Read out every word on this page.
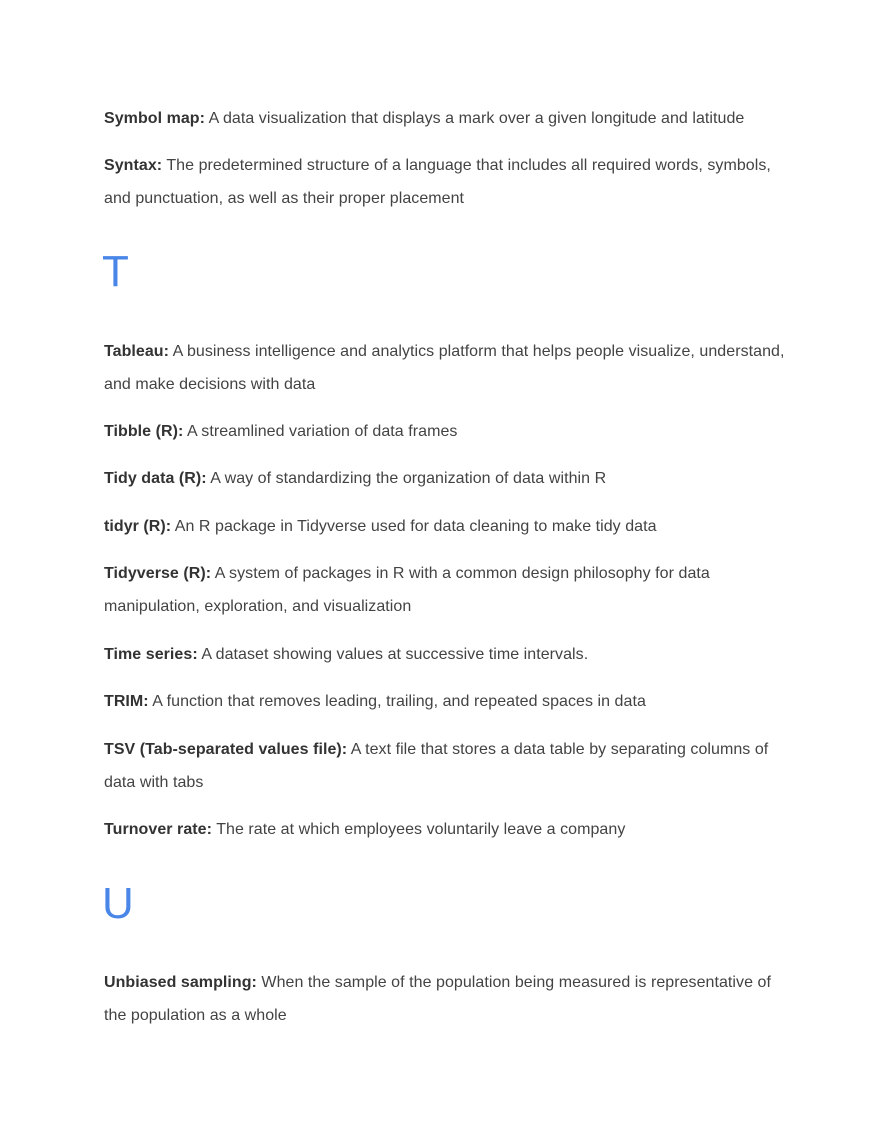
Symbol map: A data visualization that displays a mark over a given longitude and latitude

Syntax: The predetermined structure of a language that includes all required words, symbols, and punctuation, as well as their proper placement

T

Tableau: A business intelligence and analytics platform that helps people visualize, understand, and make decisions with data

Tibble (R): A streamlined variation of data frames

Tidy data (R): A way of standardizing the organization of data within R

tidyr (R): An R package in Tidyverse used for data cleaning to make tidy data

Tidyverse (R): A system of packages in R with a common design philosophy for data manipulation, exploration, and visualization

Time series: A dataset showing values at successive time intervals.

TRIM: A function that removes leading, trailing, and repeated spaces in data

TSV (Tab-separated values file): A text file that stores a data table by separating columns of data with tabs

Turnover rate: The rate at which employees voluntarily leave a company

U

Unbiased sampling: When the sample of the population being measured is representative of the population as a whole
